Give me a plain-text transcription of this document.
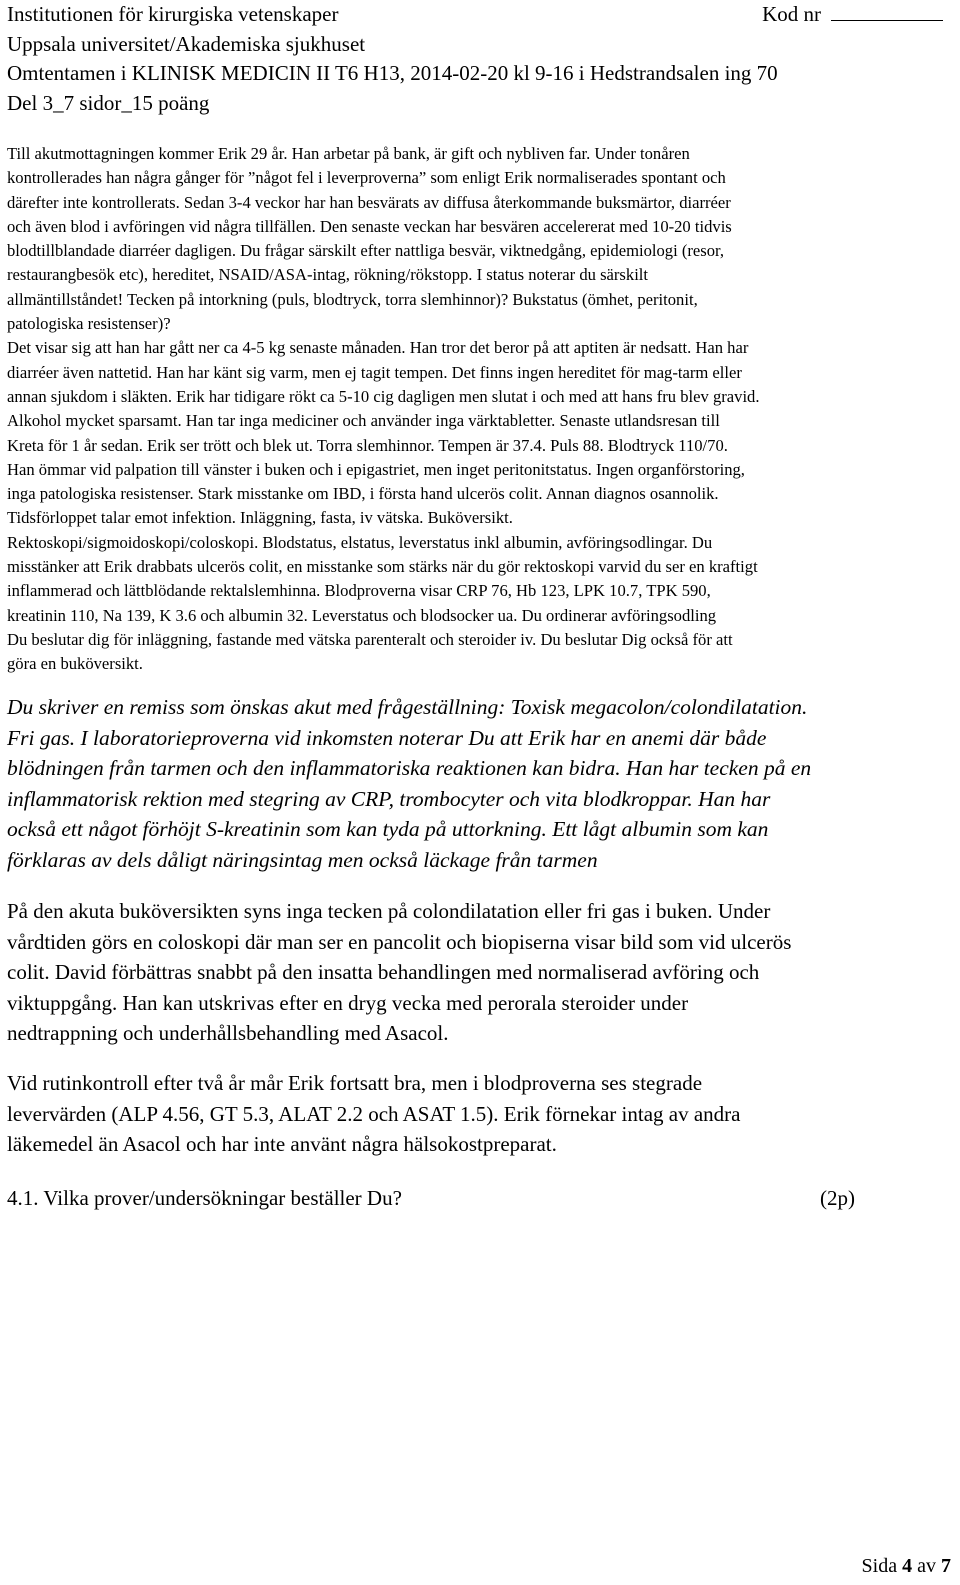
Institutionen för kirurgiska vetenskaper
Uppsala universitet/Akademiska sjukhuset
Omtentamen i KLINISK MEDICIN II T6 H13, 2014-02-20 kl 9-16 i Hedstrandsalen ing 70
Del 3_7 sidor_15 poäng
Kod nr
Till akutmottagningen kommer Erik 29 år. Han arbetar på bank, är gift och nybliven far. Under tonåren
kontrollerades han några gånger för ”något fel i leverproverna” som enligt Erik normaliserades spontant och
därefter inte kontrollerats. Sedan 3-4 veckor har han besvärats av diffusa återkommande buksmärtor, diarréer
och även blod i avföringen vid några tillfällen. Den senaste veckan har besvären accelererat med 10-20 tidvis
blodtillblandade diarréer dagligen. Du frågar särskilt efter nattliga besvär, viktnedgång, epidemiologi (resor,
restaurangbesök etc), hereditet, NSAID/ASA-intag, rökning/rökstopp. I status noterar du särskilt
allmäntillståndet! Tecken på intorkning (puls, blodtryck, torra slemhinnor)? Bukstatus (ömhet, peritonit,
patologiska resistenser)?
Det visar sig att han har gått ner ca 4-5 kg senaste månaden. Han tror det beror på att aptiten är nedsatt. Han har
diarréer även nattetid. Han har känt sig varm, men ej tagit tempen. Det finns ingen hereditet för mag-tarm eller
annan sjukdom i släkten. Erik har tidigare rökt ca 5-10 cig dagligen men slutat i och med att hans fru blev gravid.
Alkohol mycket sparsamt. Han tar inga mediciner och använder inga värktabletter. Senaste utlandsresan till
Kreta för 1 år sedan. Erik ser trött och blek ut. Torra slemhinnor. Tempen är 37.4. Puls 88. Blodtryck 110/70.
Han ömmar vid palpation till vänster i buken och i epigastriet, men inget peritonitstatus. Ingen organförstoring,
inga patologiska resistenser. Stark misstanke om IBD, i första hand ulcerös colit. Annan diagnos osannolik.
Tidsförloppet talar emot infektion. Inläggning, fasta, iv vätska. Buköversikt.
Rektoskopi/sigmoidoskopi/coloskopi. Blodstatus, elstatus, leverstatus inkl albumin, avföringsodlingar. Du
misstänker att Erik drabbats ulcerös colit, en misstanke som stärks när du gör rektoskopi varvid du ser en kraftigt
inflammerad och lättblödande rektalslemhinna. Blodproverna visar CRP 76, Hb 123, LPK 10.7, TPK 590,
kreatinin 110, Na 139, K 3.6 och albumin 32. Leverstatus och blodsocker ua. Du ordinerar avföringsodling
Du beslutar dig för inläggning, fastande med vätska parenteralt och steroider iv. Du beslutar Dig också för att
göra en buköversikt.
Du skriver en remiss som önskas akut med frågeställning: Toxisk megacolon/colondilatation.
Fri gas. I laboratorieproverna vid inkomsten noterar Du att Erik har en anemi där både
blödningen från tarmen och den inflammatoriska reaktionen kan bidra. Han har tecken på en
inflammatorisk rektion med stegring av CRP, trombocyter och vita blodkroppar. Han har
också ett något förhöjt S-kreatinin som kan tyda på uttorkning. Ett lågt albumin som kan
förklaras av dels dåligt näringsintag men också läckage från tarmen
På den akuta buköversikten syns inga tecken på colondilatation eller fri gas i buken. Under
vårdtiden görs en coloskopi där man ser en pancolit och biopiserna visar bild som vid ulcerös
colit. David förbättras snabbt på den insatta behandlingen med normaliserad avföring och
viktuppgång. Han kan utskrivas efter en dryg vecka med perorala steroider under
nedtrappning och underhållsbehandling med Asacol.
Vid rutinkontroll efter två år mår Erik fortsatt bra, men i blodproverna ses stegrade
levervärden (ALP 4.56, GT 5.3, ALAT 2.2 och ASAT 1.5). Erik förnekar intag av andra
läkemedel än Asacol och har inte använt några hälsokostpreparat.
4.1. Vilka prover/undersökningar beställer Du?	(2p)
Sida 4 av 7
